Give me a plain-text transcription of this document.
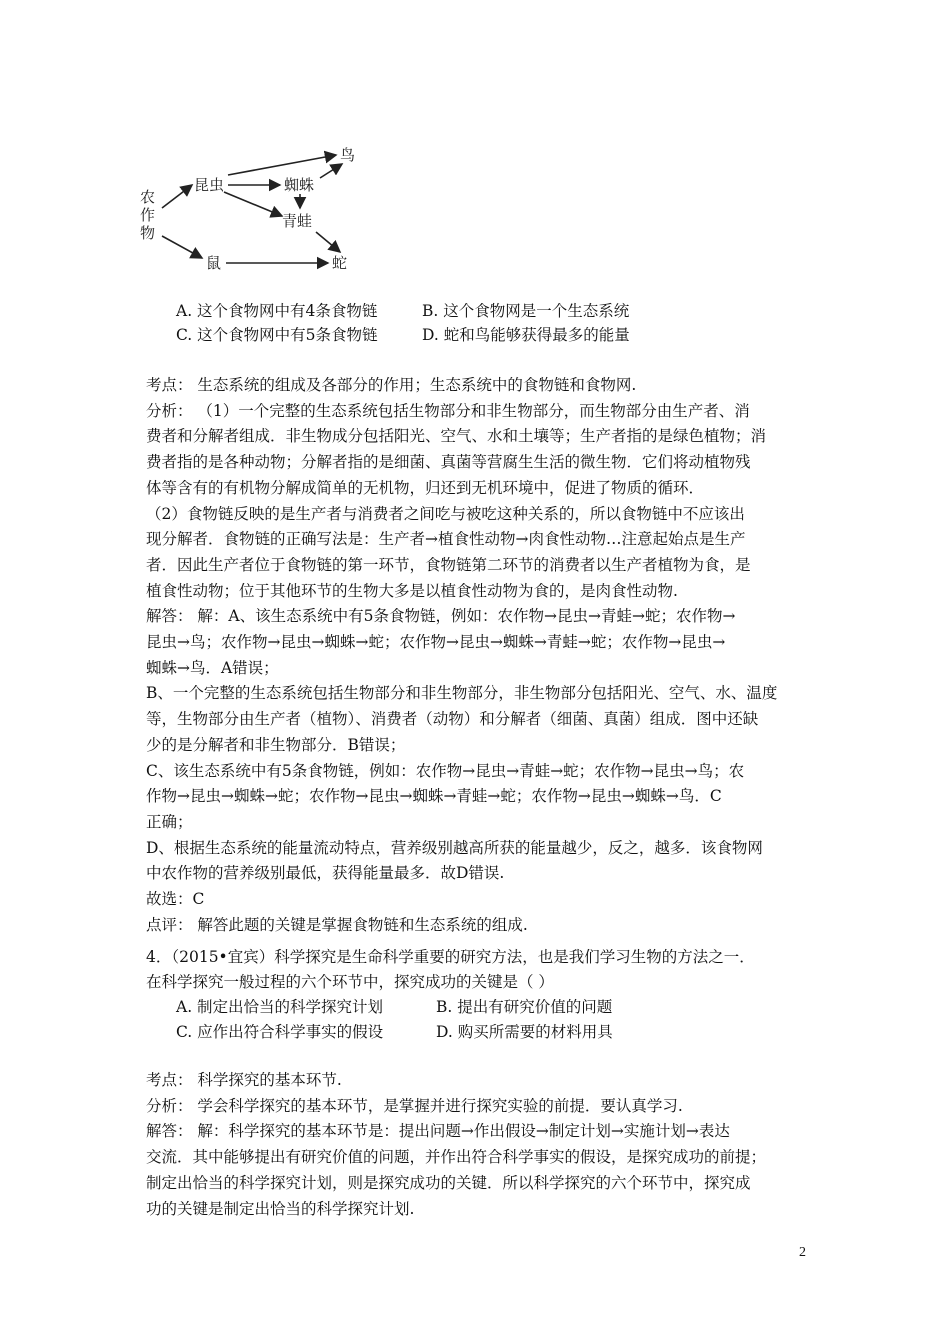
农
作
物
昆虫
鸟
蜘蛛
青蛙
鼠	蛇
A. 这个食物网中有4条食物链	B. 这个食物网是一个生态系统
C. 这个食物网中有5条食物链	D. 蛇和鸟能够获得最多的能量
考点： 生态系统的组成及各部分的作用；生态系统中的食物链和食物网.
分析： （1）一个完整的生态系统包括生物部分和非生物部分，而生物部分由生产者、消
费者和分解者组成．非生物成分包括阳光、空气、水和土壤等；生产者指的是绿色植物；消
费者指的是各种动物；分解者指的是细菌、真菌等营腐生生活的微生物．它们将动植物残
体等含有的有机物分解成简单的无机物，归还到无机环境中，促进了物质的循环．
（2）食物链反映的是生产者与消费者之间吃与被吃这种关系的，所以食物链中不应该出
现分解者．食物链的正确写法是：生产者→植食性动物→肉食性动物…注意起始点是生产
者．因此生产者位于食物链的第一环节，食物链第二环节的消费者以生产者植物为食，是
植食性动物；位于其他环节的生物大多是以植食性动物为食的，是肉食性动物.
解答： 解：A、该生态系统中有5条食物链，例如：农作物→昆虫→青蛙→蛇；农作物→
昆虫→鸟；农作物→昆虫→蜘蛛→蛇；农作物→昆虫→蜘蛛→青蛙→蛇；农作物→昆虫→
蜘蛛→鸟．A错误；
B、一个完整的生态系统包括生物部分和非生物部分，非生物部分包括阳光、空气、水、温度
等，生物部分由生产者（植物）、消费者（动物）和分解者（细菌、真菌）组成．图中还缺
少的是分解者和非生物部分．B错误；
C、该生态系统中有5条食物链，例如：农作物→昆虫→青蛙→蛇；农作物→昆虫→鸟；农
作物→昆虫→蜘蛛→蛇；农作物→昆虫→蜘蛛→青蛙→蛇；农作物→昆虫→蜘蛛→鸟．C
正确；
D、根据生态系统的能量流动特点，营养级别越高所获的能量越少，反之，越多．该食物网
中农作物的营养级别最低，获得能量最多．故D错误.
故选：C
点评： 解答此题的关键是掌握食物链和生态系统的组成.
4．（2015•宜宾）科学探究是生命科学重要的研究方法，也是我们学习生物的方法之一．
在科学探究一般过程的六个环节中，探究成功的关键是（ ）
A. 制定出恰当的科学探究计划	B. 提出有研究价值的问题
C. 应作出符合科学事实的假设	D. 购买所需要的材料用具
考点： 科学探究的基本环节.
分析： 学会科学探究的基本环节，是掌握并进行探究实验的前提．要认真学习.
解答： 解：科学探究的基本环节是：提出问题→作出假设→制定计划→实施计划→表达
交流．其中能够提出有研究价值的问题，并作出符合科学事实的假设，是探究成功的前提；
制定出恰当的科学探究计划，则是探究成功的关键．所以科学探究的六个环节中，探究成
功的关键是制定出恰当的科学探究计划.
2
